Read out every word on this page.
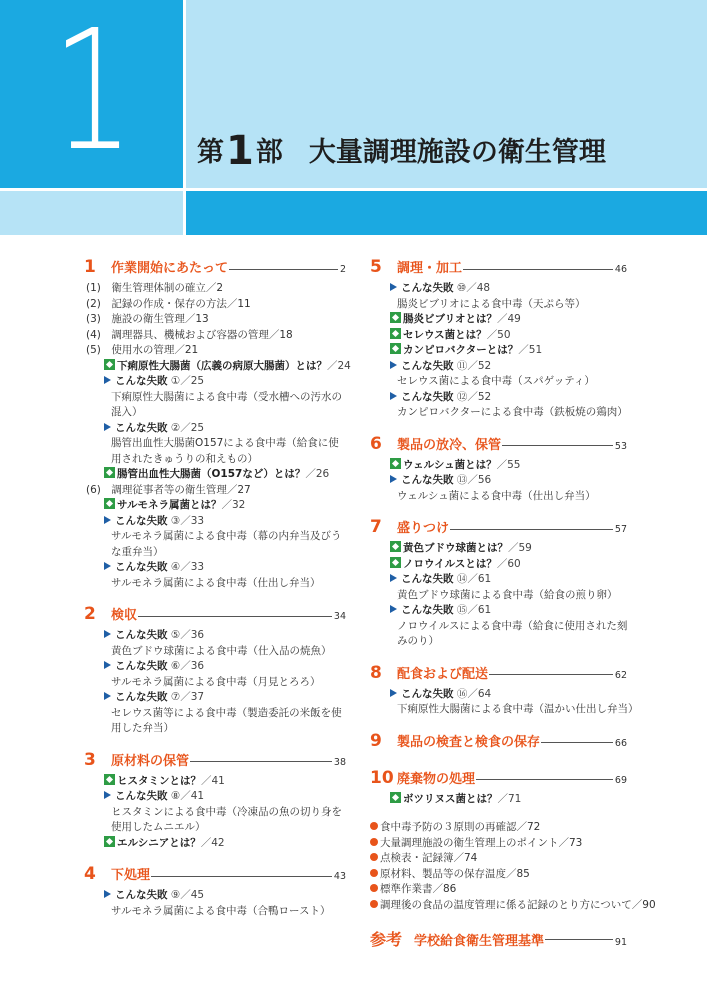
1	第1部 大量調理施設の衛生管理
1	作業開始にあたって	2
(1)　衛生管理体制の確立／2
(2)　記録の作成・保存の方法／11
(3)　施設の衛生管理／13
(4)　調理器具、機械および容器の管理／18
(5)　使用水の管理／21
下痢原性大腸菌（広義の病原大腸菌）とは？／24
こんな失敗 ①／25
下痢原性大腸菌による食中毒（受水槽への汚水の
混入）
こんな失敗 ②／25
腸管出血性大腸菌O157による食中毒（給食に使
用されたきゅうりの和えもの）
腸管出血性大腸菌（O157など）とは？／26
(6)　調理従事者等の衛生管理／27
サルモネラ属菌とは？／32
こんな失敗 ③／33
サルモネラ属菌による食中毒（幕の内弁当及びう
な重弁当）
こんな失敗 ④／33
サルモネラ属菌による食中毒（仕出し弁当）
2	検収	34
こんな失敗 ⑤／36
黄色ブドウ球菌による食中毒（仕入品の焼魚）
こんな失敗 ⑥／36
サルモネラ属菌による食中毒（月見とろろ）
こんな失敗 ⑦／37
セレウス菌等による食中毒（製造委託の米飯を使
用した弁当）
3	原材料の保管	38
ヒスタミンとは？／41
こんな失敗 ⑧／41
ヒスタミンによる食中毒（冷凍品の魚の切り身を
使用したムニエル）
エルシニアとは？／42
4	下処理	43
こんな失敗 ⑨／45
サルモネラ属菌による食中毒（合鴨ロースト）
5	調理・加工	46
こんな失敗 ⑩／48
腸炎ビブリオによる食中毒（天ぷら等）
腸炎ビブリオとは？／49
セレウス菌とは？／50
カンピロバクターとは？／51
こんな失敗 ⑪／52
セレウス菌による食中毒（スパゲッティ）
こんな失敗 ⑫／52
カンピロバクターによる食中毒（鉄板焼の鶏肉）
6	製品の放冷、保管	53
ウェルシュ菌とは？／55
こんな失敗 ⑬／56
ウェルシュ菌による食中毒（仕出し弁当）
7	盛りつけ	57
黄色ブドウ球菌とは？／59
ノロウイルスとは？／60
こんな失敗 ⑭／61
黄色ブドウ球菌による食中毒（給食の煎り卵）
こんな失敗 ⑮／61
ノロウイルスによる食中毒（給食に使用された刻
みのり）
8	配食および配送	62
こんな失敗 ⑯／64
下痢原性大腸菌による食中毒（温かい仕出し弁当）
9	製品の検査と検食の保存	66
10 廃棄物の処理	69
ボツリヌス菌とは？／71
食中毒予防の３原則の再確認／72
大量調理施設の衛生管理上のポイント／73
点検表・記録簿／74
原材料、製品等の保存温度／85
標準作業書／86
調理後の食品の温度管理に係る記録のとり方について／90
参考 学校給食衛生管理基準	91
